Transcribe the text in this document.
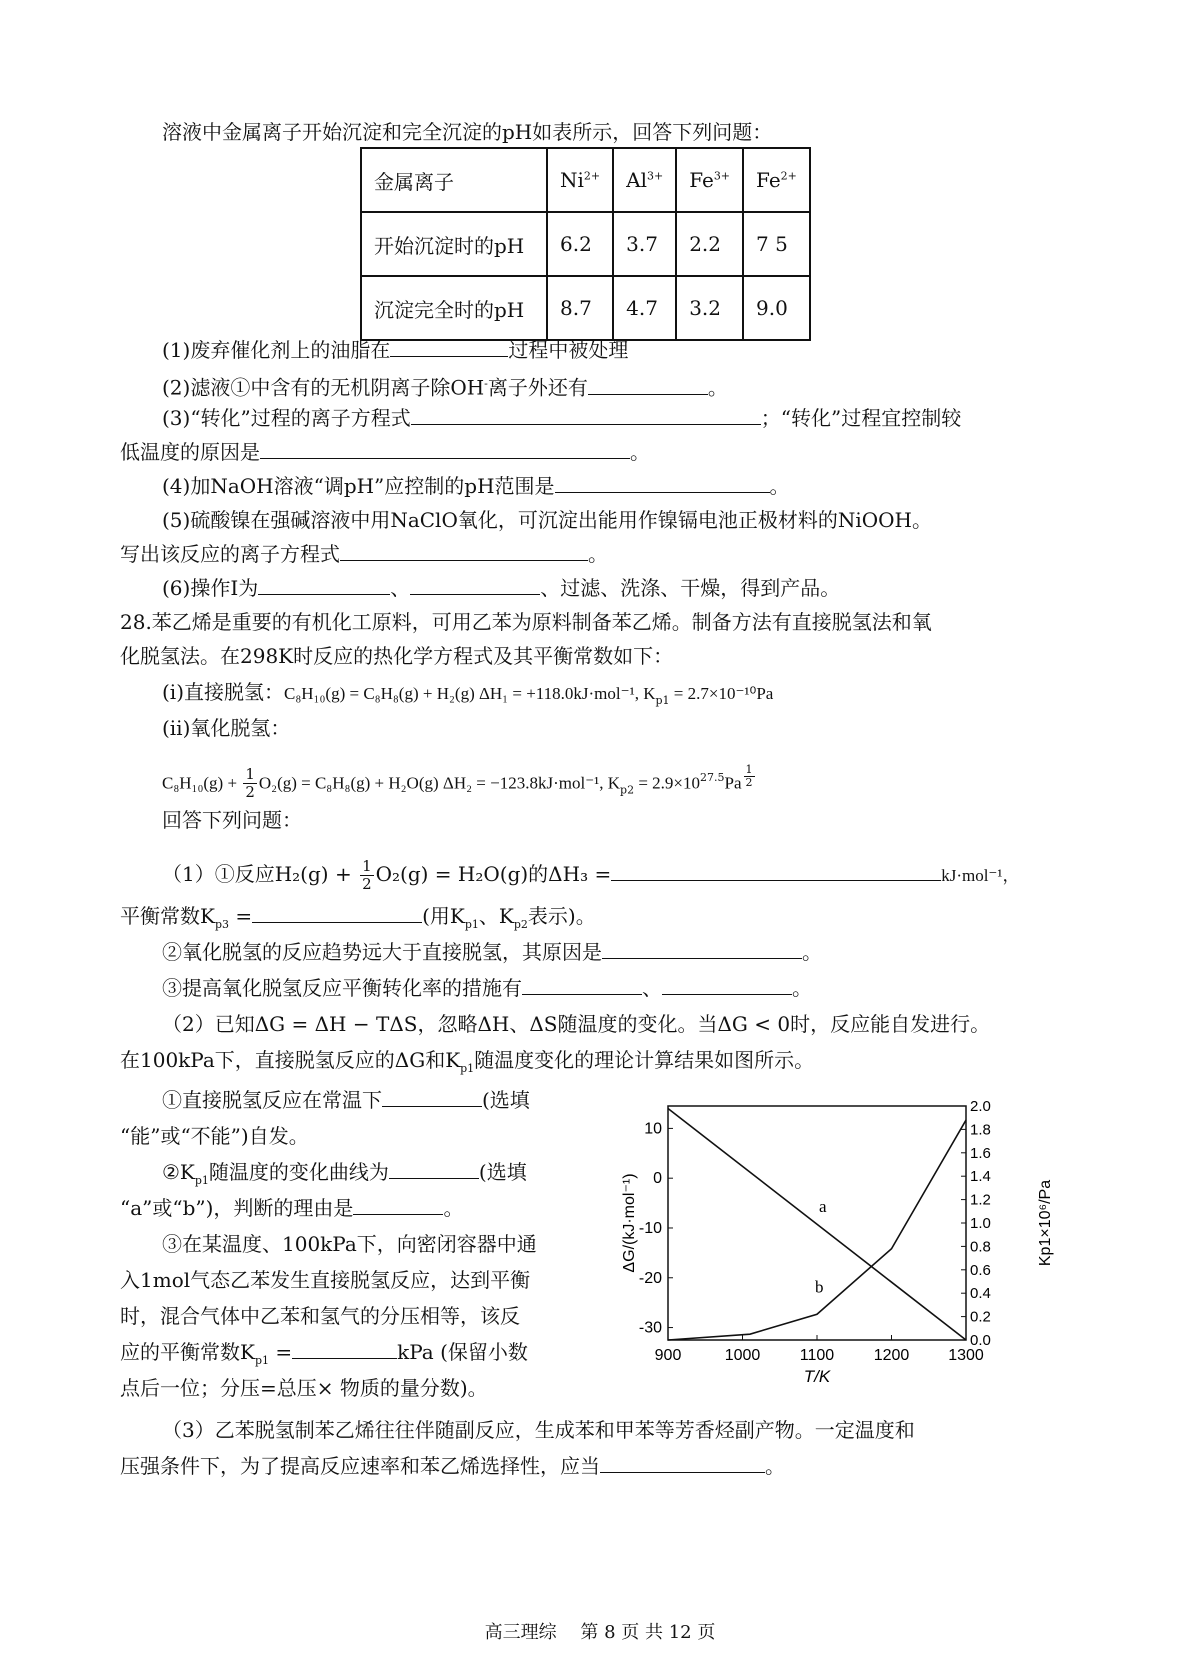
溶液中金属离子开始沉淀和完全沉淀的pH如表所示，回答下列问题：
金属离子	$Ni^{2+}$	$Al^{3+}$	$Fe^{3+}$	$Fe^{2+}$
开始沉淀时的pH	6.2	3.7	2.2	7 5
沉淀完全时的pH	8.7	4.7	3.2	9.0
(1)废弃催化剂上的油脂在	过程中被处理
(2)滤液①中含有的无机阴离子除OH-离子外还有	。
(3)“转化”过程的离子方程式	；“转化”过程宜控制较
低温度的原因是	。
(4)加NaOH溶液“调pH”应控制的pH范围是	。
(5)硫酸镍在强碱溶液中用NaClO氧化，可沉淀出能用作镍镉电池正极材料的NiOOH。
写出该反应的离子方程式	。
(6)操作Ⅰ为	、	、过滤、洗涤、干燥，得到产品。
28.苯乙烯是重要的有机化工原料，可用乙苯为原料制备苯乙烯。制备方法有直接脱氢法和氧
化脱氢法。在298K时反应的热化学方程式及其平衡常数如下：
(ⅰ)直接脱氢：C₈H₁₀(g) = C₈H₈(g) + H₂(g) ΔH₁ = +118.0kJ·mol⁻¹, $K_{p1} = 2.7\times 10^{-10}Pa$
(ⅱ)氧化脱氢：
$C_8H_{10}(g) + \frac{1}{2} O_2(g) = C_8H_8(g) + H_2O(g) \Delta H_2 = -123.8kJ\cdot mol^{-1}$, $K_{p2} = 2.9\times 10^{27.5}Pa \frac{1}{2}$
回答下列问题：
（1）①反应$H_2(g) + \frac{1}{2} O_2(g) = H_2O(g)$的ΔH₃ =	kJ·mol⁻¹，
平衡常数$K_{p3}$ =	(用$K_{p1}$、$K_{p2}$表示)。
②氧化脱氢的反应趋势远大于直接脱氢，其原因是	。
③提高氧化脱氢反应平衡转化率的措施有	、	。
（2）已知ΔG = ΔH − TΔS，忽略ΔH、ΔS随温度的变化。当ΔG < 0时，反应能自发进行。
在100kPa下，直接脱氢反应的ΔG和$K_{p1}$随温度变化的理论计算结果如图所示。
①直接脱氢反应在常温下	(选填
“能”或“不能”)自发。
$②K_{p1}$随温度的变化曲线为	(选填
“a”或“b”)，判断的理由是	。
③在某温度、100kPa下，向密闭容器中通
入1mol气态乙苯发生直接脱氢反应，达到平衡
时，混合气体中乙苯和氢气的分压相等，该反
应的平衡常数$K_{p1}$ =	kPa (保留小数
点后一位；分压=总压× 物质的量分数)。
（3）乙苯脱氢制苯乙烯往往伴随副反应，生成苯和甲苯等芳香烃副产物。一定温度和
压强条件下，为了提高反应速率和苯乙烯选择性，应当	。
900	1000 1100 1200 1300
10
0
-10
-20
-30
2.0
1.8
1.6
1.4
1.2
1.0
0.8
0.6
0.4
0.2
0.0
T/K
ΔG/(kJ·mol⁻¹)	Kp1×10⁶/Pa
a
b
高三理综　 第 8 页 共 12 页
